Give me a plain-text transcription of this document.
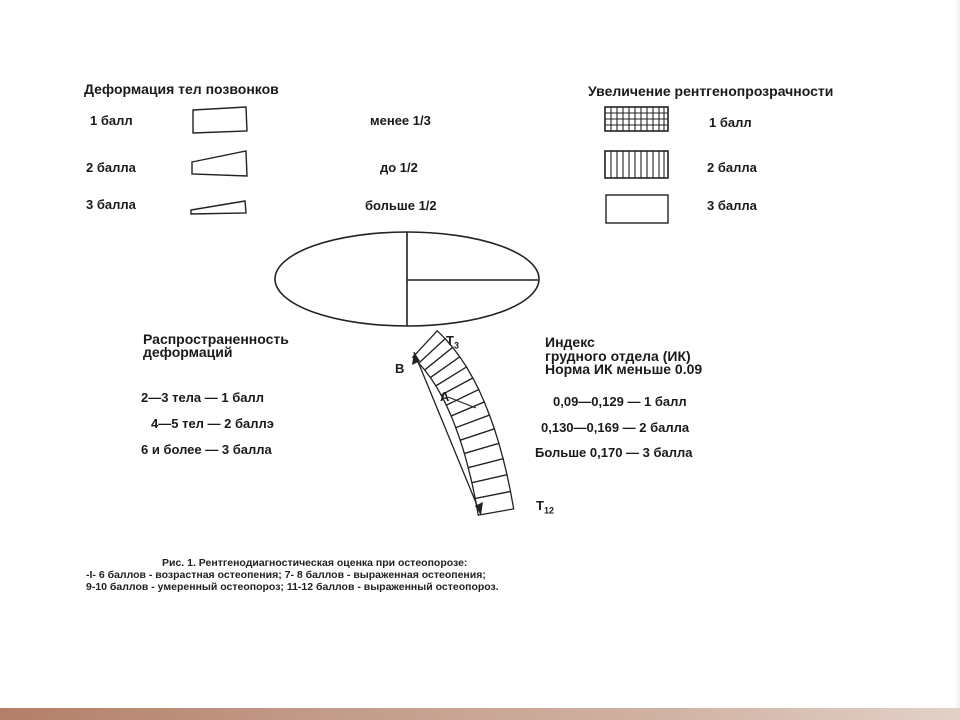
Деформация тел позвонков	Увеличение рентгенопрозрачности
1 балл
2 балла
3 балла
менее 1/3
до 1/2
больше 1/2
1 балл
2 балла
3 балла
Распространенность
деформаций
2—3 тела — 1 балл
4—5 тел — 2 баллэ
6 и более — 3 балла
Индекс
грудного отдела (ИК)
Норма ИК меньше 0.09
0,09—0,129 — 1 балл
0,130—0,169 — 2 балла
Больше 0,170 — 3 балла
$T_3$
$T_{12}$
B
A
Рис. 1. Рентгенодиагностическая оценка при остеопорозе:
-I- 6 баллов - возрастная остеопения; 7- 8 баллов - выраженная остеопения;
9-10 баллов - умеренный остеопороз; 11-12 баллов - выраженный остеопороз.
